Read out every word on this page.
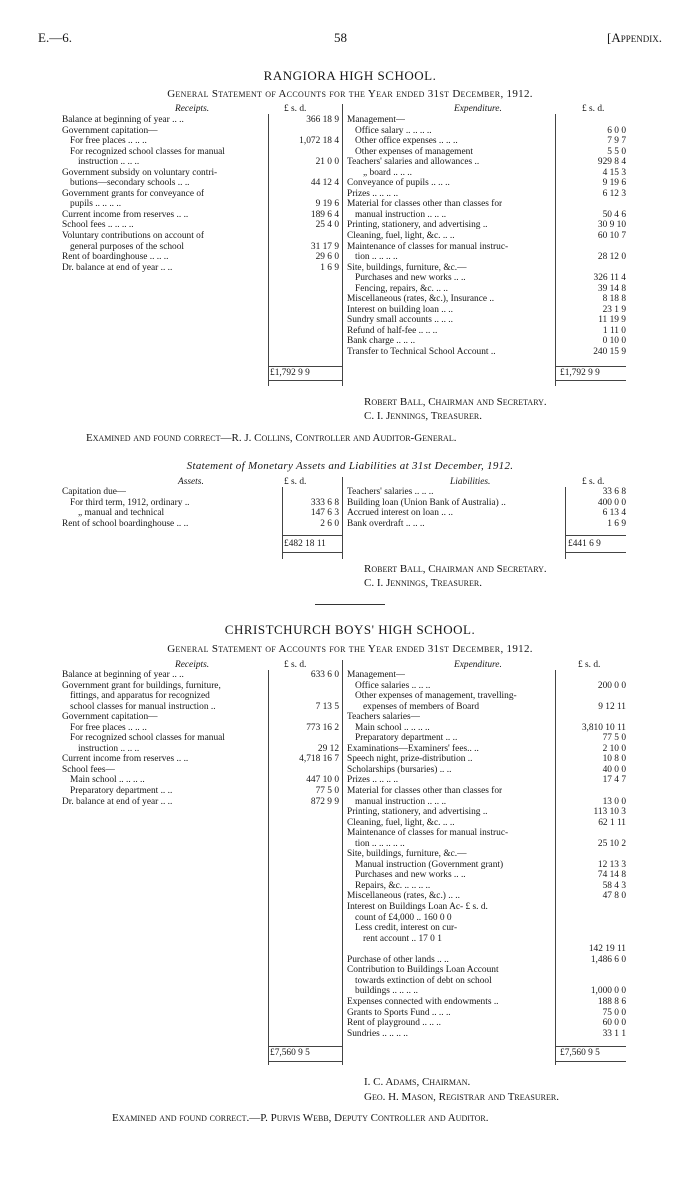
E.—6.	58	[Appendix.
RANGIORA HIGH SCHOOL.
General Statement of Accounts for the Year ended 31st December, 1912.
Receipts.	£ s. d.	Expenditure.	£ s. d.
Balance at beginning of year .. ..	366 18 9
Government capitation—
For free places .. .. ..	1,072 18 4
For recognized school classes for manual
instruction .. .. ..	21 0 0
Government subsidy on voluntary contri-
butions—secondary schools .. ..	44 12 4
Government grants for conveyance of
pupils .. .. .. ..	9 19 6
Current income from reserves .. ..	189 6 4
School fees .. .. .. ..	25 4 0
Voluntary contributions on account of
general purposes of the school	31 17 9
Rent of boardinghouse .. .. ..	29 6 0
Dr. balance at end of year .. ..	1 6 9
Management—
Office salary .. .. .. ..	6 0 0
Other office expenses .. .. ..	7 9 7
Other expenses of management	5 5 0
Teachers' salaries and allowances ..	929 8 4
„ board .. .. ..	4 15 3
Conveyance of pupils .. .. ..	9 19 6
Prizes .. .. .. ..	6 12 3
Material for classes other than classes for
manual instruction .. .. ..	50 4 6
Printing, stationery, and advertising ..	30 9 10
Cleaning, fuel, light, &c. .. ..	60 10 7
Maintenance of classes for manual instruc-
tion .. .. .. ..	28 12 0
Site, buildings, furniture, &c.—
Purchases and new works .. ..	326 11 4
Fencing, repairs, &c. .. ..	39 14 8
Miscellaneous (rates, &c.), Insurance ..	8 18 8
Interest on building loan .. ..	23 1 9
Sundry small accounts .. .. ..	11 19 9
Refund of half-fee .. .. ..	1 11 0
Bank charge .. .. ..	0 10 0
Transfer to Technical School Account ..	240 15 9
£1,792 9 9	£1,792 9 9
Robert Ball, Chairman and Secretary.
C. I. Jennings, Treasurer.
Examined and found correct—R. J. Collins, Controller and Auditor-General.
Statement of Monetary Assets and Liabilities at 31st December, 1912.
Assets.	£ s. d.	Liabilities.	£ s. d.
Capitation due—
For third term, 1912, ordinary ..	333 6 8
„ manual and technical	147 6 3
Rent of school boardinghouse .. ..	2 6 0
Teachers' salaries .. .. ..	33 6 8
Building loan (Union Bank of Australia) ..	400 0 0
Accrued interest on loan .. ..	6 13 4
Bank overdraft .. .. ..	1 6 9
£482 18 11	£441 6 9
Robert Ball, Chairman and Secretary.
C. I. Jennings, Treasurer.
CHRISTCHURCH BOYS' HIGH SCHOOL.
General Statement of Accounts for the Year ended 31st December, 1912.
Receipts.	£ s. d.	Expenditure.	£ s. d.
Balance at beginning of year .. ..	633 6 0
Government grant for buildings, furniture,
fittings, and apparatus for recognized
school classes for manual instruction ..	7 13 5
Government capitation—
For free places .. .. ..	773 16 2
For recognized school classes for manual
instruction .. .. ..	29 12
Current income from reserves .. ..	4,718 16 7
School fees—
Main school .. .. .. ..	447 10 0
Preparatory department .. ..	77 5 0
Dr. balance at end of year .. ..	872 9 9
Management—
Office salaries .. .. ..	200 0 0
Other expenses of management, travelling-
expenses of members of Board	9 12 11
Teachers salaries—
Main school .. .. .. ..	3,810 10 11
Preparatory department .. ..	77 5 0
Examinations—Examiners' fees.. ..	2 10 0
Speech night, prize-distribution ..	10 8 0
Scholarships (bursaries) .. ..	40 0 0
Prizes .. .. .. ..	17 4 7
Material for classes other than classes for
manual instruction .. .. ..	13 0 0
Printing, stationery, and advertising ..	113 10 3
Cleaning, fuel, light, &c. .. ..	62 1 11
Maintenance of classes for manual instruc-
tion .. .. .. .. ..	25 10 2
Site, buildings, furniture, &c.—
Manual instruction (Government grant)	12 13 3
Purchases and new works .. ..	74 14 8
Repairs, &c. .. .. .. ..	58 4 3
Miscellaneous (rates, &c.) .. ..	47 8 0
Interest on Buildings Loan Ac- £ s. d.
count of £4,000 .. 160 0 0
Less credit, interest on cur-
rent account .. 17 0 1
142 19 11
Purchase of other lands .. ..	1,486 6 0
Contribution to Buildings Loan Account
towards extinction of debt on school
buildings .. .. .. ..	1,000 0 0
Expenses connected with endowments ..	188 8 6
Grants to Sports Fund .. .. ..	75 0 0
Rent of playground .. .. ..	60 0 0
Sundries .. .. .. ..	33 1 1
£7,560 9 5	£7,560 9 5
I. C. Adams, Chairman.
Geo. H. Mason, Registrar and Treasurer.
Examined and found correct.—P. Purvis Webb, Deputy Controller and Auditor.
